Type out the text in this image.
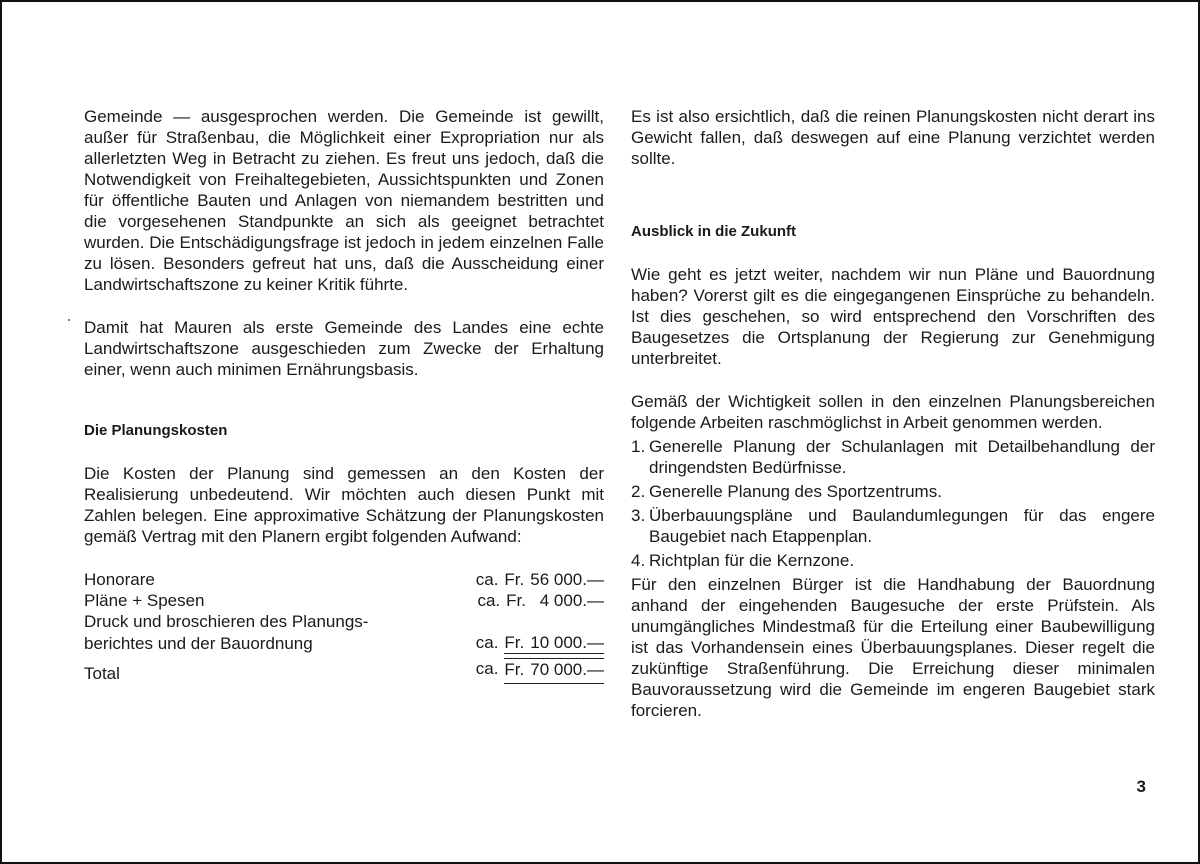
Gemeinde — ausgesprochen werden. Die Gemeinde ist gewillt, außer für Straßenbau, die Möglichkeit einer Expropriation nur als allerletzten Weg in Betracht zu ziehen. Es freut uns jedoch, daß die Notwendigkeit von Freihaltegebieten, Aussichtspunkten und Zonen für öffentliche Bauten und Anlagen von niemandem bestritten und die vorgesehenen Standpunkte an sich als geeignet betrachtet wurden. Die Entschädigungsfrage ist jedoch in jedem einzelnen Falle zu lösen. Besonders gefreut hat uns, daß die Ausscheidung einer Landwirtschaftszone zu keiner Kritik führte.

Damit hat Mauren als erste Gemeinde des Landes eine echte Landwirtschaftszone ausgeschieden zum Zwecke der Erhaltung einer, wenn auch minimen Ernährungsbasis.

Die Planungskosten

Die Kosten der Planung sind gemessen an den Kosten der Realisierung unbedeutend. Wir möchten auch diesen Punkt mit Zahlen belegen. Eine approximative Schätzung der Planungskosten gemäß Vertrag mit den Planern ergibt folgenden Aufwand:

Honorare	ca. Fr. 56 000.—
Pläne + Spesen	ca. Fr. 4 000.—
Druck und broschieren des Planungs-
berichtes und der Bauordnung	ca. Fr. 10 000.—
Total	ca. Fr. 70 000.—

Es ist also ersichtlich, daß die reinen Planungskosten nicht derart ins Gewicht fallen, daß deswegen auf eine Planung verzichtet werden sollte.

Ausblick in die Zukunft

Wie geht es jetzt weiter, nachdem wir nun Pläne und Bauordnung haben? Vorerst gilt es die eingegangenen Einsprüche zu behandeln. Ist dies geschehen, so wird entsprechend den Vorschriften des Baugesetzes die Ortsplanung der Regierung zur Genehmigung unterbreitet.

Gemäß der Wichtigkeit sollen in den einzelnen Planungsbereichen folgende Arbeiten raschmöglichst in Arbeit genommen werden.

1. Generelle Planung der Schulanlagen mit Detailbehandlung der dringendsten Bedürfnisse.
2. Generelle Planung des Sportzentrums.
3. Überbauungspläne und Baulandumlegungen für das engere Baugebiet nach Etappenplan.
4. Richtplan für die Kernzone.

Für den einzelnen Bürger ist die Handhabung der Bauordnung anhand der eingehenden Baugesuche der erste Prüfstein. Als unumgängliches Mindestmaß für die Erteilung einer Baubewilligung ist das Vorhandensein eines Überbauungsplanes. Dieser regelt die zukünftige Straßenführung. Die Erreichung dieser minimalen Bauvoraussetzung wird die Gemeinde im engeren Baugebiet stark forcieren.

3
